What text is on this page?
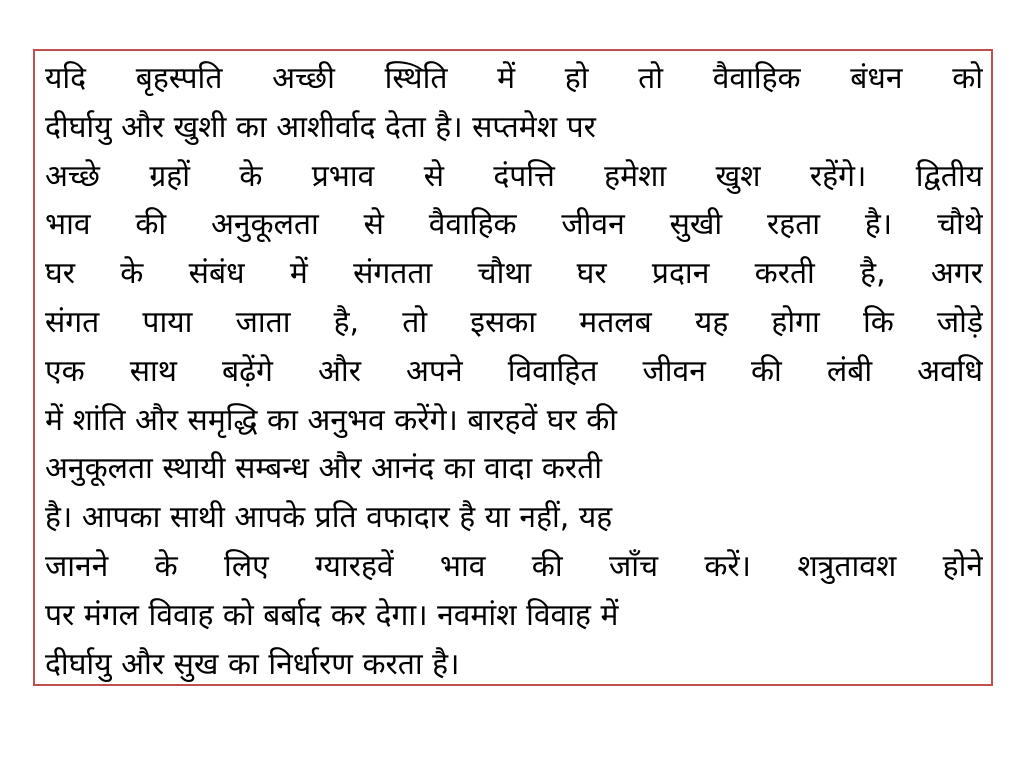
यदि बृहस्पति अच्छी स्थिति में हो तो वैवाहिक बंधन को
दीर्घायु और खुशी का आशीर्वाद देता है। सप्तमेश पर
अच्छे ग्रहों के प्रभाव से दंपत्ति हमेशा खुश रहेंगे। द्वितीय
भाव की अनुकूलता से वैवाहिक जीवन सुखी रहता है। चौथे
घर के संबंध में संगतता चौथा घर प्रदान करती है, अगर
संगत पाया जाता है, तो इसका मतलब यह होगा कि जोड़े
एक साथ बढ़ेंगे और अपने विवाहित जीवन की लंबी अवधि
में शांति और समृद्धि का अनुभव करेंगे। बारहवें घर की
अनुकूलता स्थायी सम्बन्ध और आनंद का वादा करती
है। आपका साथी आपके प्रति वफादार है या नहीं, यह
जानने के लिए ग्यारहवें भाव की जाँच करें। शत्रुतावश होने
पर मंगल विवाह को बर्बाद कर देगा। नवमांश विवाह में
दीर्घायु और सुख का निर्धारण करता है।
